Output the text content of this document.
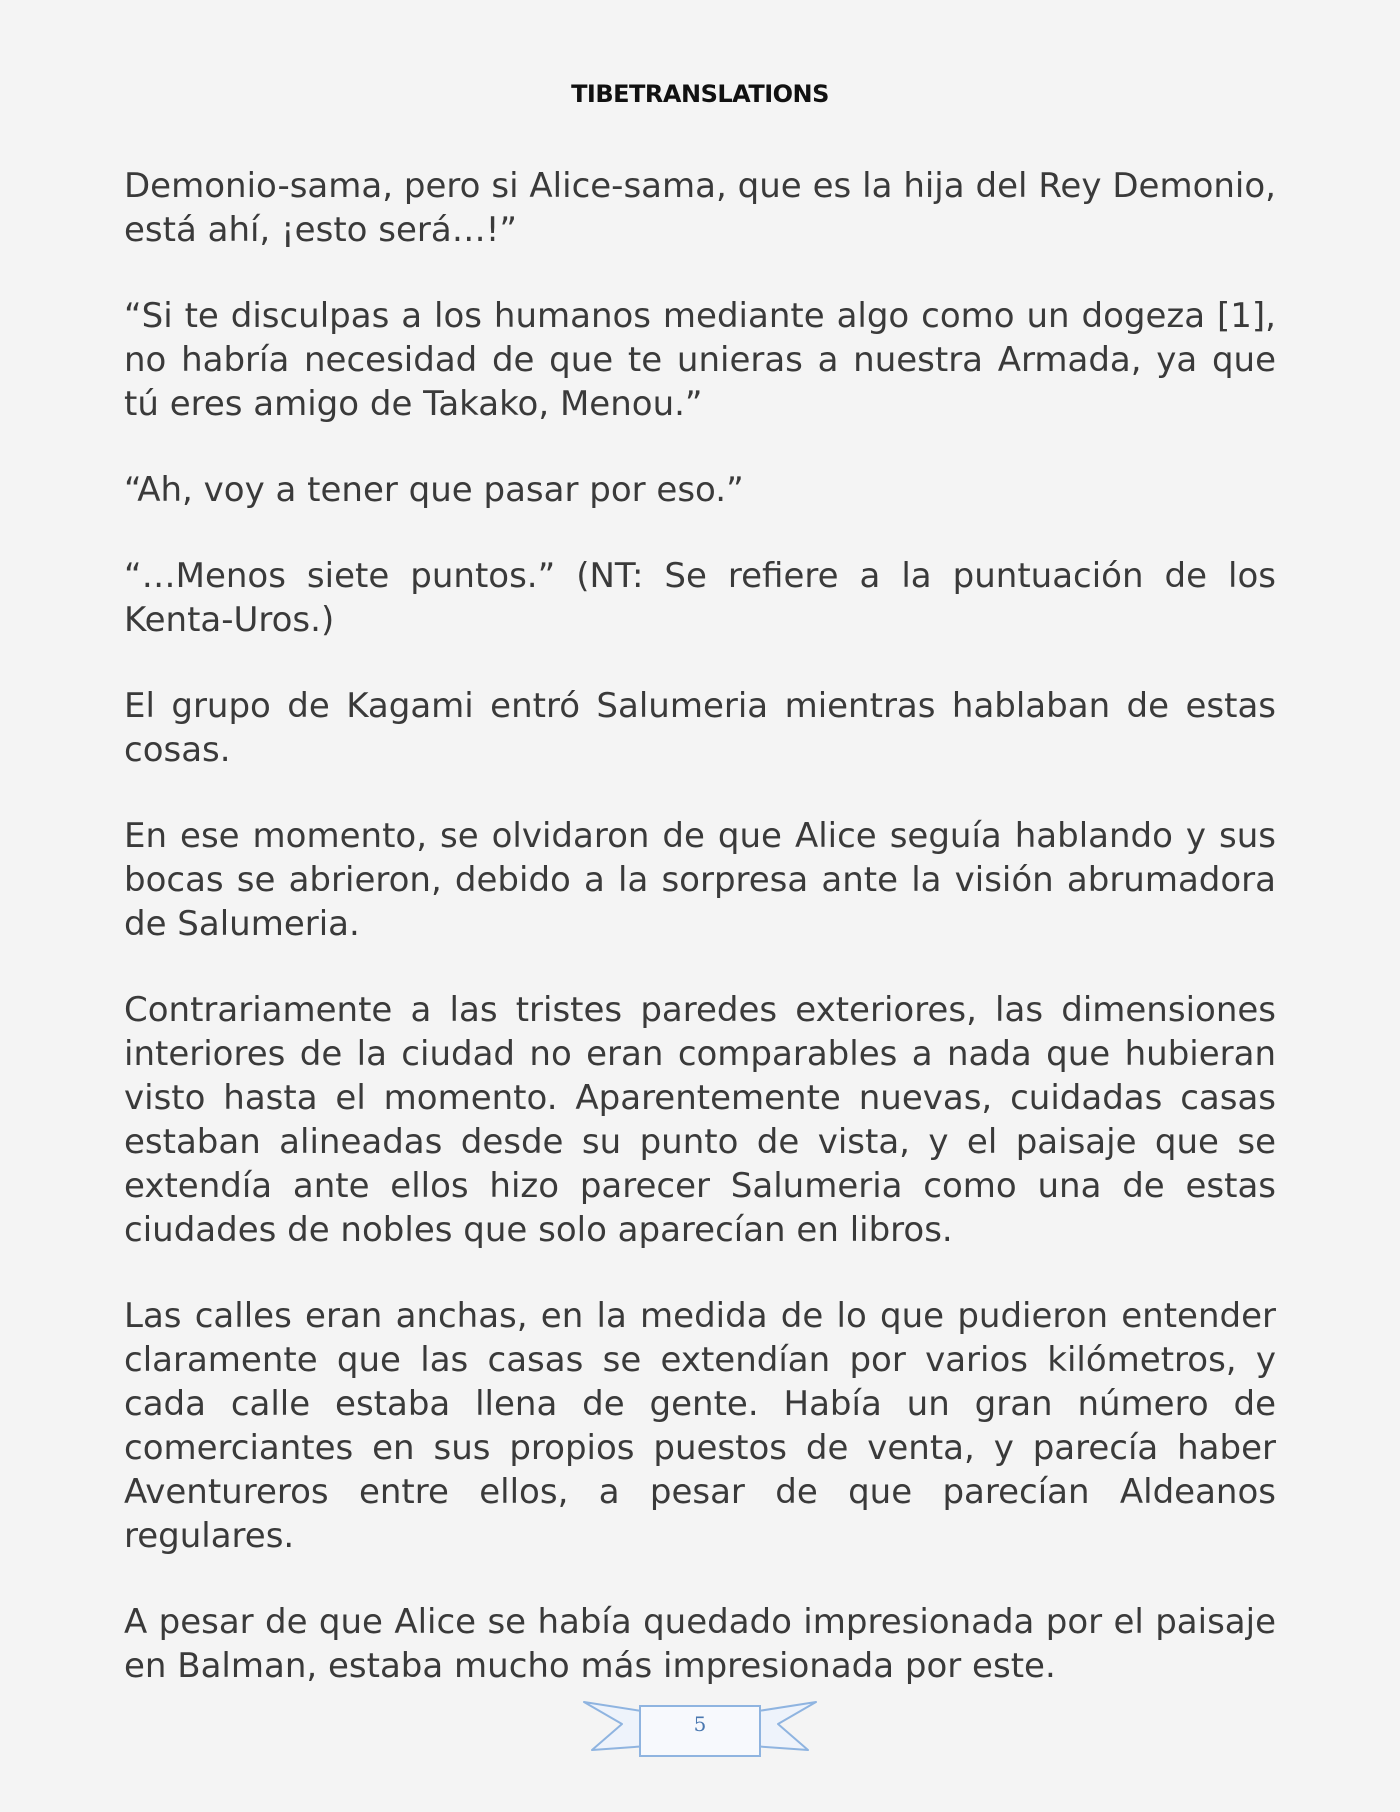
TIBETRANSLATIONS

Demonio-sama, pero si Alice-sama, que es la hija del Rey Demonio, está ahí, ¡esto será…!”

“Si te disculpas a los humanos mediante algo como un dogeza [1], no habría necesidad de que te unieras a nuestra Armada, ya que tú eres amigo de Takako, Menou.”

“Ah, voy a tener que pasar por eso.”

“…Menos siete puntos.” (NT: Se refiere a la puntuación de los Kenta-Uros.)

El grupo de Kagami entró Salumeria mientras hablaban de estas cosas.

En ese momento, se olvidaron de que Alice seguía hablando y sus bocas se abrieron, debido a la sorpresa ante la visión abrumadora de Salumeria.

Contrariamente a las tristes paredes exteriores, las dimensiones interiores de la ciudad no eran comparables a nada que hubieran visto hasta el momento. Aparentemente nuevas, cuidadas casas estaban alineadas desde su punto de vista, y el paisaje que se extendía ante ellos hizo parecer Salumeria como una de estas ciudades de nobles que solo aparecían en libros.

Las calles eran anchas, en la medida de lo que pudieron entender claramente que las casas se extendían por varios kilómetros, y cada calle estaba llena de gente. Había un gran número de comerciantes en sus propios puestos de venta, y parecía haber Aventureros entre ellos, a pesar de que parecían Aldeanos regulares.

A pesar de que Alice se había quedado impresionada por el paisaje en Balman, estaba mucho más impresionada por este.

5
